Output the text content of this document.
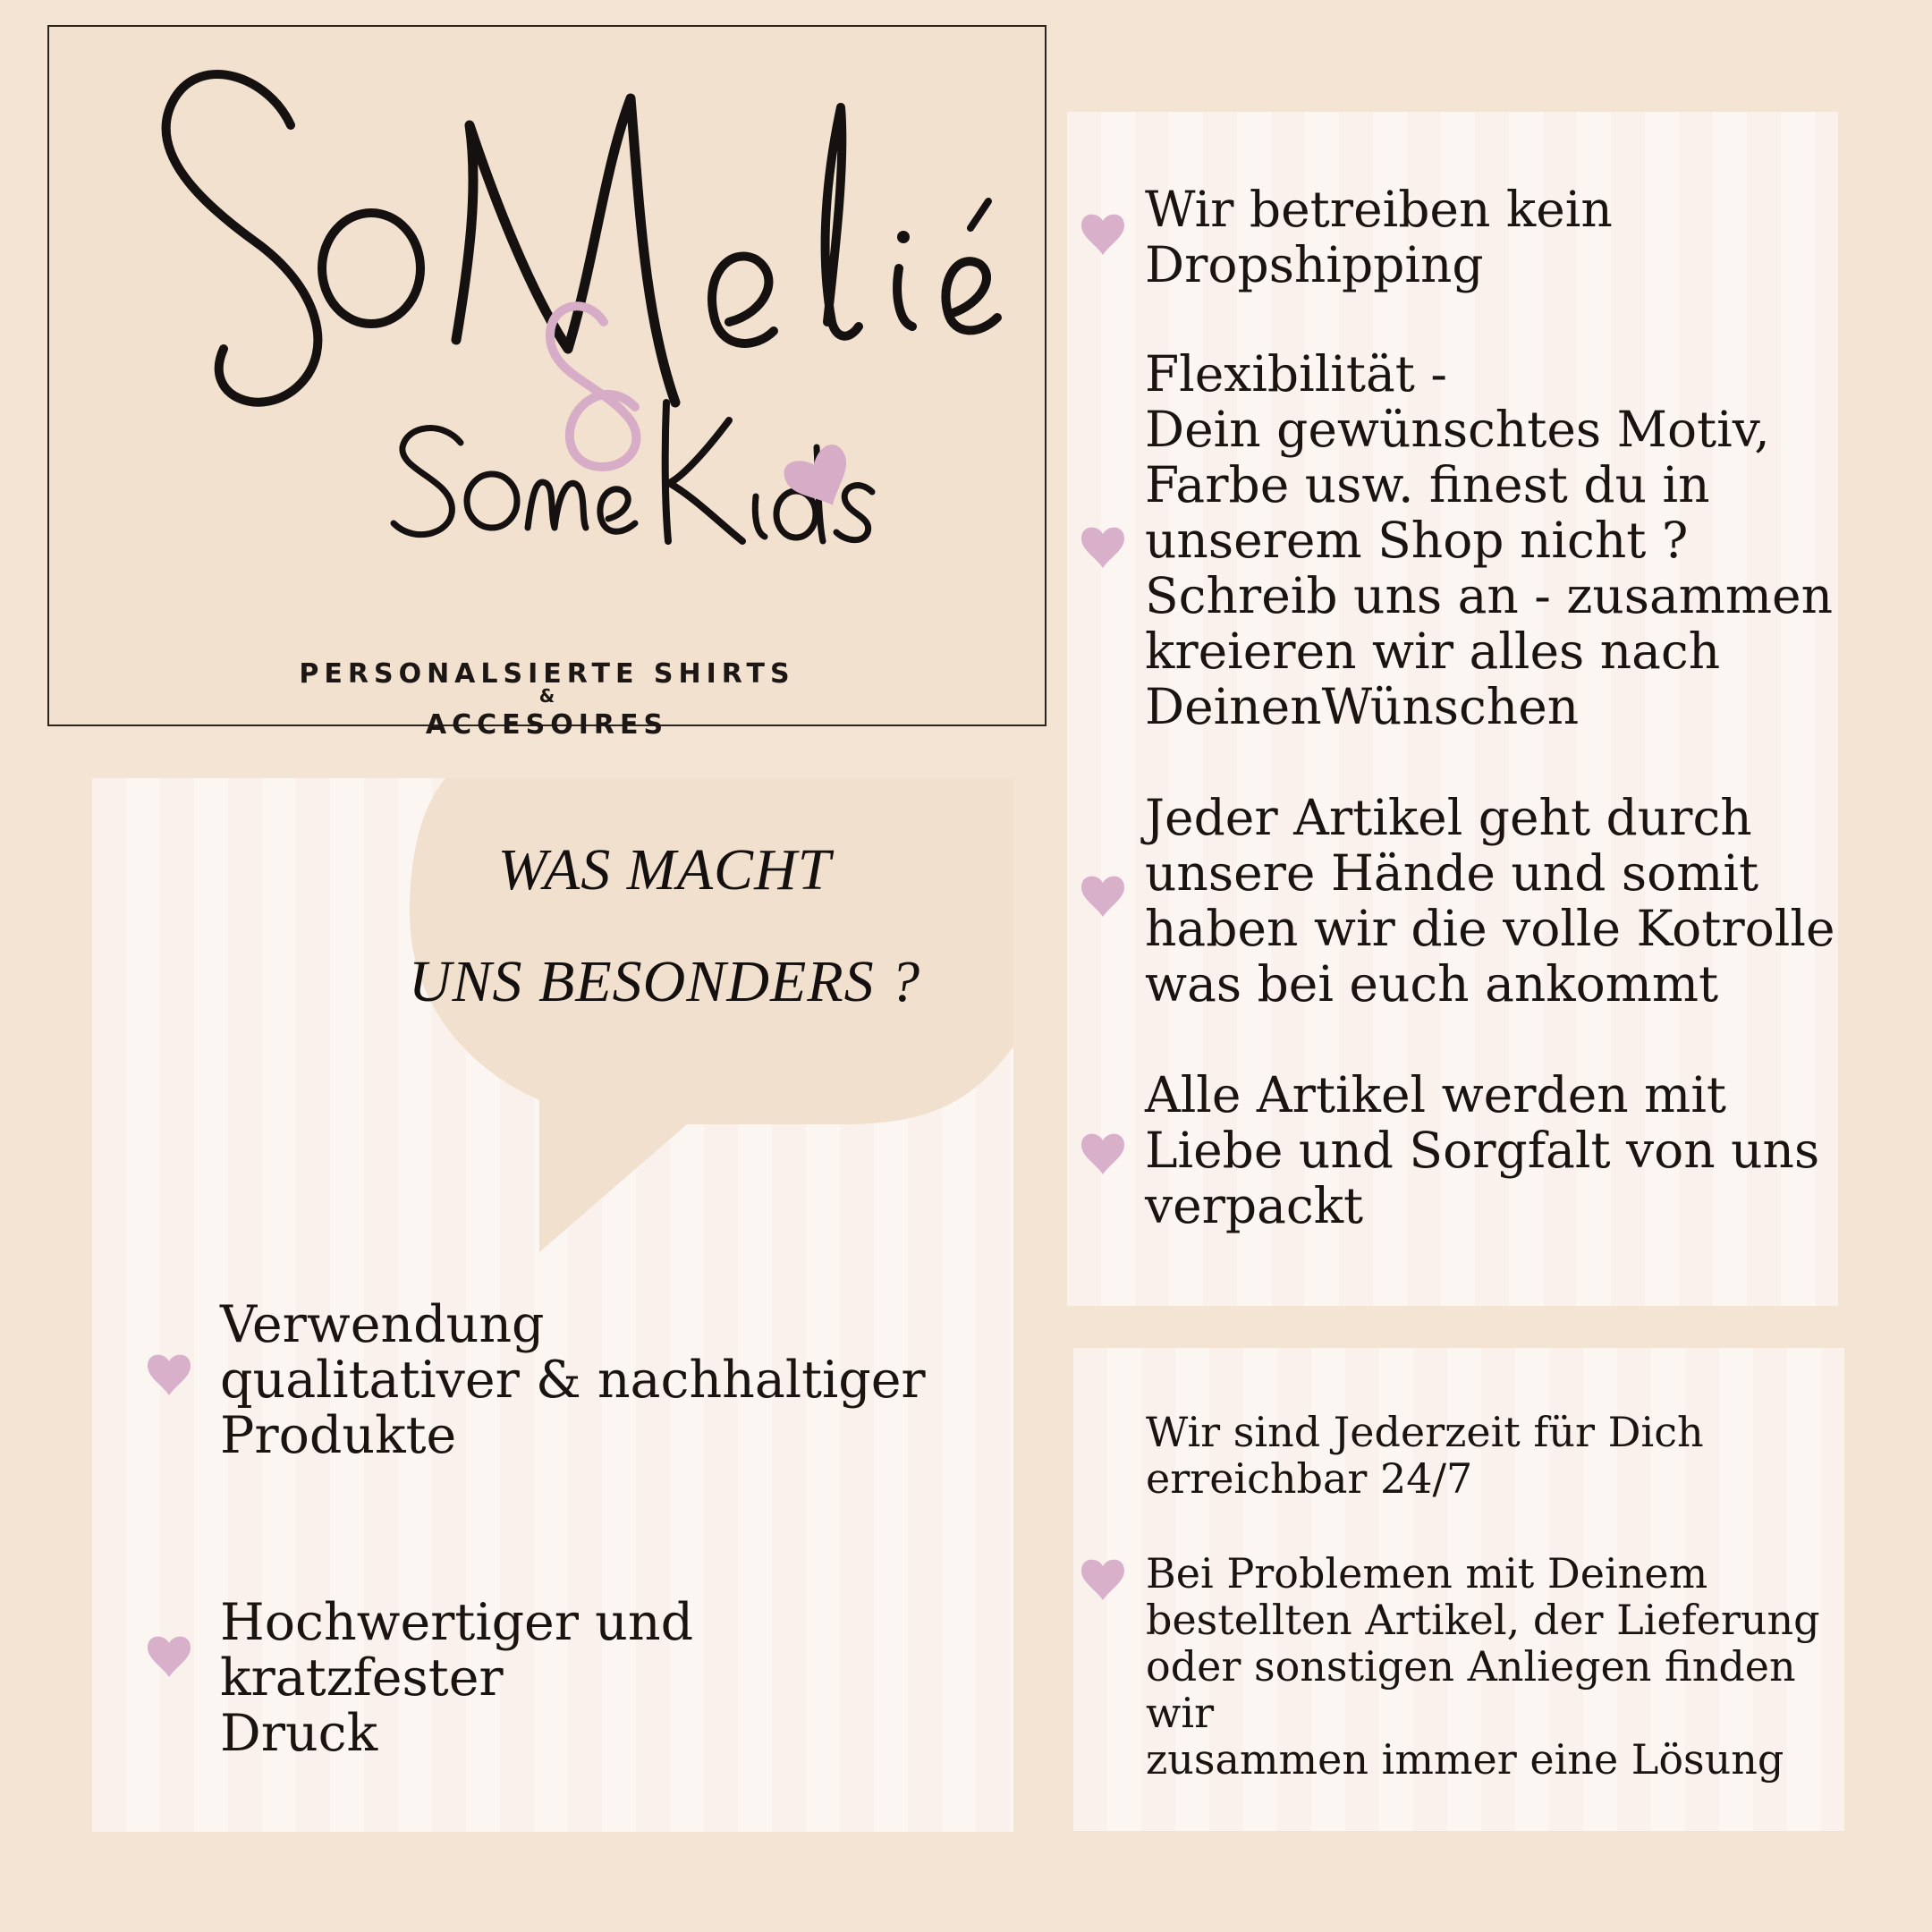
PERSONALSIERTE SHIRTS
&
ACCESOIRES
WAS MACHT
UNS BESONDERS ?
Verwendung
qualitativer & nachhaltiger
Produkte
Hochwertiger und kratzfester
Druck
Wir betreiben kein
Dropshipping
Flexibilität -
Dein gewünschtes Motiv,
Farbe usw. finest du in
unserem Shop nicht ?
Schreib uns an - zusammen
kreieren wir alles nach
DeinenWünschen
Jeder Artikel geht durch
unsere Hände und somit
haben wir die volle Kotrolle
was bei euch ankommt
Alle Artikel werden mit
Liebe und Sorgfalt von uns
verpackt
Wir sind Jederzeit für Dich
erreichbar 24/7
Bei Problemen mit Deinem
bestellten Artikel, der Lieferung
oder sonstigen Anliegen finden wir
zusammen immer eine Lösung
